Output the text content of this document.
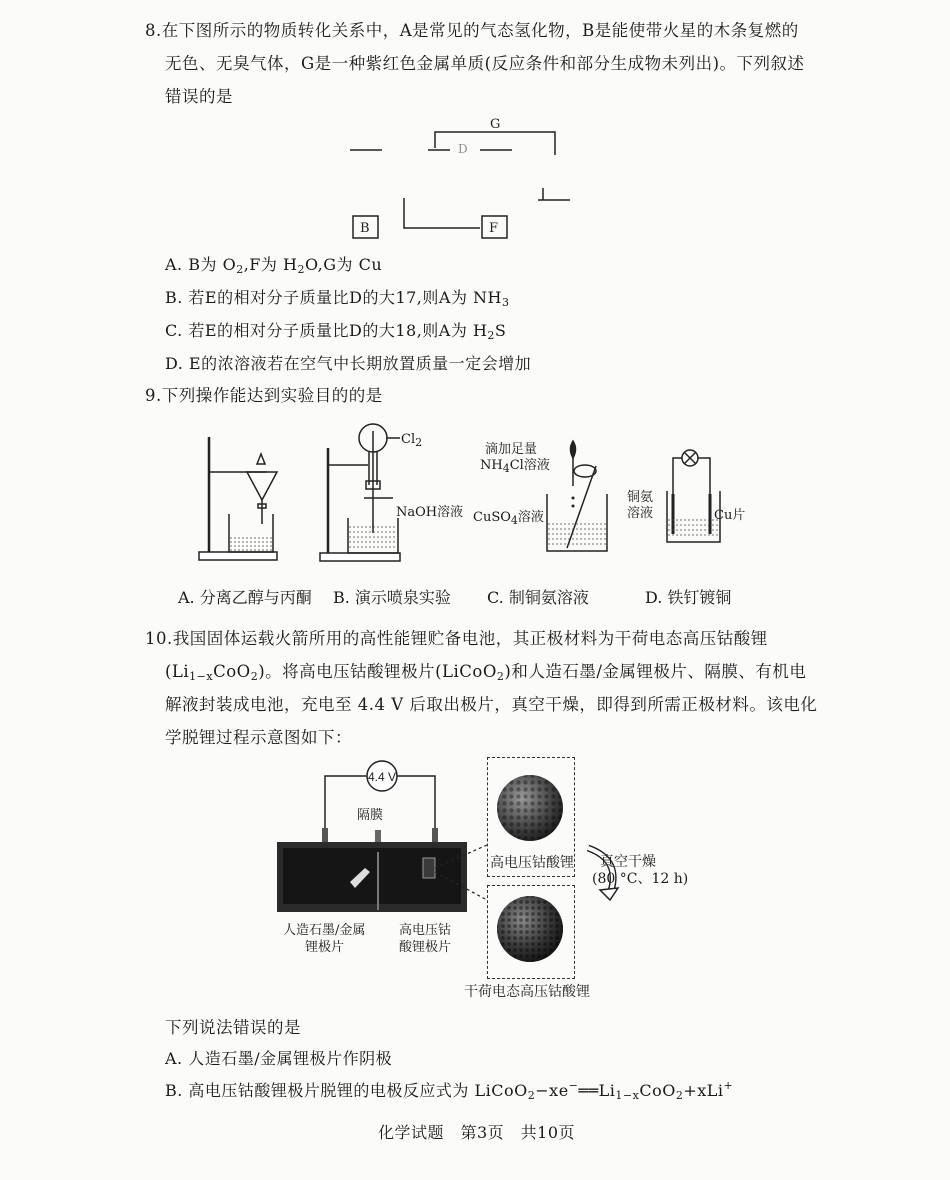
8.在下图所示的物质转化关系中，A是常见的气态氢化物，B是能使带火星的木条复燃的
无色、无臭气体，G是一种紫红色金属单质(反应条件和部分生成物未列出)。下列叙述
错误的是
G
B	F
D
A. B为 $O_2,F$为 $H_2O,G$为 Cu
B. 若E的相对分子质量比D的大17,则A为 $NH_3$
C. 若E的相对分子质量比D的大18,则A为 $H_2S$
D. E的浓溶液若在空气中长期放置质量一定会增加
9.下列操作能达到实验目的的是
$Cl_2$
NaOH溶液
滴加足量
$NH_4Cl$溶液
CuSO$_4$溶液
铜氨
溶液	Cu片
A. 分离乙醇与丙酮 B. 演示喷泉实验 C. 制铜氨溶液	D. 铁钉镀铜
10.我国固体运载火箭所用的高性能锂贮备电池，其正极材料为干荷电态高压钴酸锂
$(Li_{1-x}CoO_2)$。将高电压钴酸锂极片(LiCoO$_2$)和人造石墨/金属锂极片、隔膜、有机电
解液封装成电池，充电至 4.4 V 后取出极片，真空干燥，即得到所需正极材料。该电化
学脱锂过程示意图如下：
4.4 V
隔膜
人造石墨/金属
锂极片
高电压钴
酸锂极片
高电压钴酸锂
干荷电态高压钴酸锂
真空干燥
(80 °C、12 h)
下列说法错误的是
A. 人造石墨/金属锂极片作阴极
B. 高电压钴酸锂极片脱锂的电极反应式为 $LiCoO_2-xe^-══Li_{1-x}CoO_2+xLi^+$
化学试题　第3页　共10页
